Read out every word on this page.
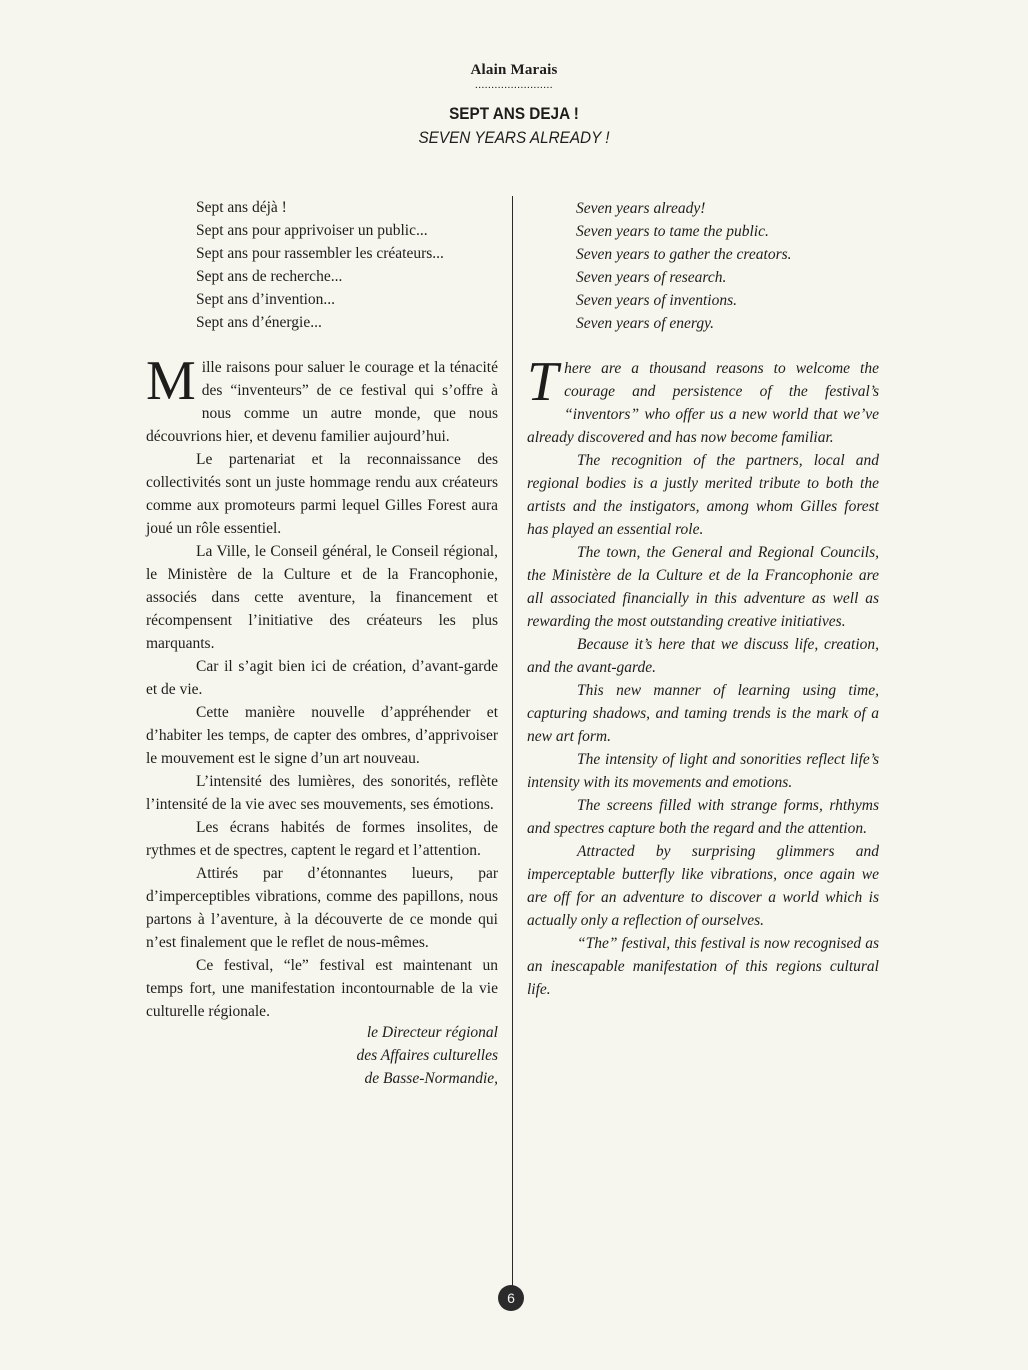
Alain Marais
........................
SEPT ANS DEJA !
SEVEN YEARS ALREADY !
Sept ans déjà !
Sept ans pour apprivoiser un public...
Sept ans pour rassembler les créateurs...
Sept ans de recherche...
Sept ans d’invention...
Sept ans d’énergie...

Mille raisons pour saluer le courage et la ténacité des “inventeurs” de ce festival qui s’offre à nous comme un autre monde, que nous découvrions hier, et devenu familier aujourd’hui.

Le partenariat et la reconnaissance des collectivités sont un juste hommage rendu aux créateurs comme aux promoteurs parmi lequel Gilles Forest aura joué un rôle essentiel.

La Ville, le Conseil général, le Conseil régional, le Ministère de la Culture et de la Francophonie, associés dans cette aventure, la financement et récompensent l’initiative des créateurs les plus marquants.

Car il s’agit bien ici de création, d’avant-garde et de vie.

Cette manière nouvelle d’appréhender et d’habiter les temps, de capter des ombres, d’apprivoiser le mouvement est le signe d’un art nouveau.

L’intensité des lumières, des sonorités, reflète l’intensité de la vie avec ses mouvements, ses émotions.

Les écrans habités de formes insolites, de rythmes et de spectres, captent le regard et l’attention.

Attirés par d’étonnantes lueurs, par d’imperceptibles vibrations, comme des papillons, nous partons à l’aventure, à la découverte de ce monde qui n’est finalement que le reflet de nous-mêmes.

Ce festival, “le” festival est maintenant un temps fort, une manifestation incontournable de la vie culturelle régionale.

le Directeur régional
des Affaires culturelles
de Basse-Normandie,
Seven years already!
Seven years to tame the public.
Seven years to gather the creators.
Seven years of research.
Seven years of inventions.
Seven years of energy.

There are a thousand reasons to welcome the courage and persistence of the festival’s “inventors” who offer us a new world that we’ve already discovered and has now become familiar.

The recognition of the partners, local and regional bodies is a justly merited tribute to both the artists and the instigators, among whom Gilles forest has played an essential role.

The town, the General and Regional Councils, the Ministère de la Culture et de la Francophonie are all associated financially in this adventure as well as rewarding the most outstanding creative initiatives.

Because it’s here that we discuss life, creation, and the avant-garde.

This new manner of learning using time, capturing shadows, and taming trends is the mark of a new art form.

The intensity of light and sonorities reflect life’s intensity with its movements and emotions.

The screens filled with strange forms, rhthyms and spectres capture both the regard and the attention.

Attracted by surprising glimmers and imperceptable butterfly like vibrations, once again we are off for an adventure to discover a world which is actually only a reflection of ourselves.

“The” festival, this festival is now recognised as an inescapable manifestation of this regions cultural life.

6
